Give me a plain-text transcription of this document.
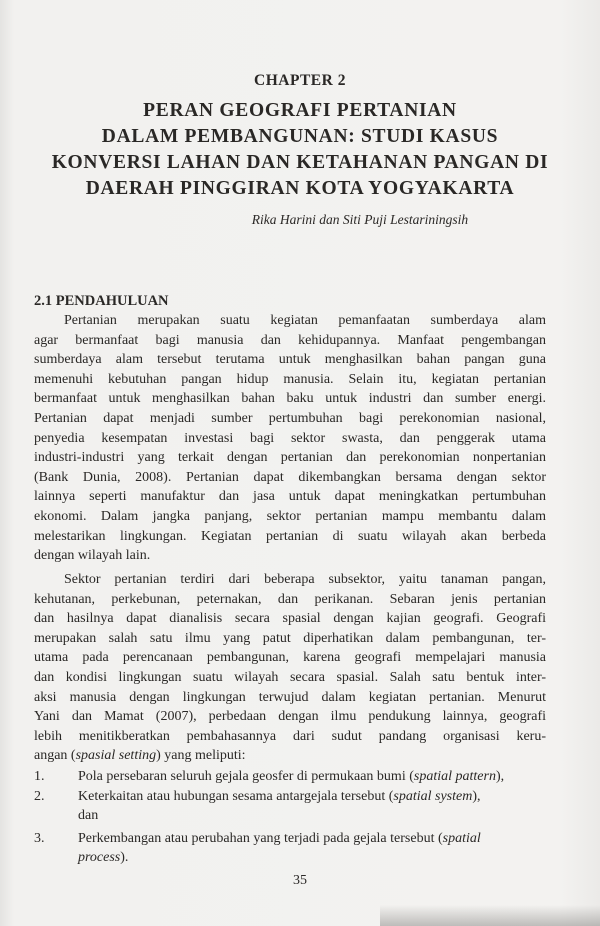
CHAPTER 2
PERAN GEOGRAFI PERTANIAN
DALAM PEMBANGUNAN: STUDI KASUS
KONVERSI LAHAN DAN KETAHANAN PANGAN DI
DAERAH PINGGIRAN KOTA YOGYAKARTA
Rika Harini dan Siti Puji Lestariningsih
2.1 PENDAHULUAN
Pertanian merupakan suatu kegiatan pemanfaatan sumberdaya alam
agar bermanfaat bagi manusia dan kehidupannya. Manfaat pengembangan
sumberdaya alam tersebut terutama untuk menghasilkan bahan pangan guna
memenuhi kebutuhan pangan hidup manusia. Selain itu, kegiatan pertanian
bermanfaat untuk menghasilkan bahan baku untuk industri dan sumber energi.
Pertanian dapat menjadi sumber pertumbuhan bagi perekonomian nasional,
penyedia kesempatan investasi bagi sektor swasta, dan penggerak utama
industri-industri yang terkait dengan pertanian dan perekonomian nonpertanian
(Bank Dunia, 2008). Pertanian dapat dikembangkan bersama dengan sektor
lainnya seperti manufaktur dan jasa untuk dapat meningkatkan pertumbuhan
ekonomi. Dalam jangka panjang, sektor pertanian mampu membantu dalam
melestarikan lingkungan. Kegiatan pertanian di suatu wilayah akan berbeda
dengan wilayah lain.
Sektor pertanian terdiri dari beberapa subsektor, yaitu tanaman pangan,
kehutanan, perkebunan, peternakan, dan perikanan. Sebaran jenis pertanian
dan hasilnya dapat dianalisis secara spasial dengan kajian geografi. Geografi
merupakan salah satu ilmu yang patut diperhatikan dalam pembangunan, ter-
utama pada perencanaan pembangunan, karena geografi mempelajari manusia
dan kondisi lingkungan suatu wilayah secara spasial. Salah satu bentuk inter-
aksi manusia dengan lingkungan terwujud dalam kegiatan pertanian. Menurut
Yani dan Mamat (2007), perbedaan dengan ilmu pendukung lainnya, geografi
lebih menitikberatkan pembahasannya dari sudut pandang organisasi keru-
angan (spasial setting) yang meliputi:
1. Pola persebaran seluruh gejala geosfer di permukaan bumi (spatial pattern),
2. Keterkaitan atau hubungan sesama antargejala tersebut (spatial system),
dan
3. Perkembangan atau perubahan yang terjadi pada gejala tersebut (spatial
process).
35
